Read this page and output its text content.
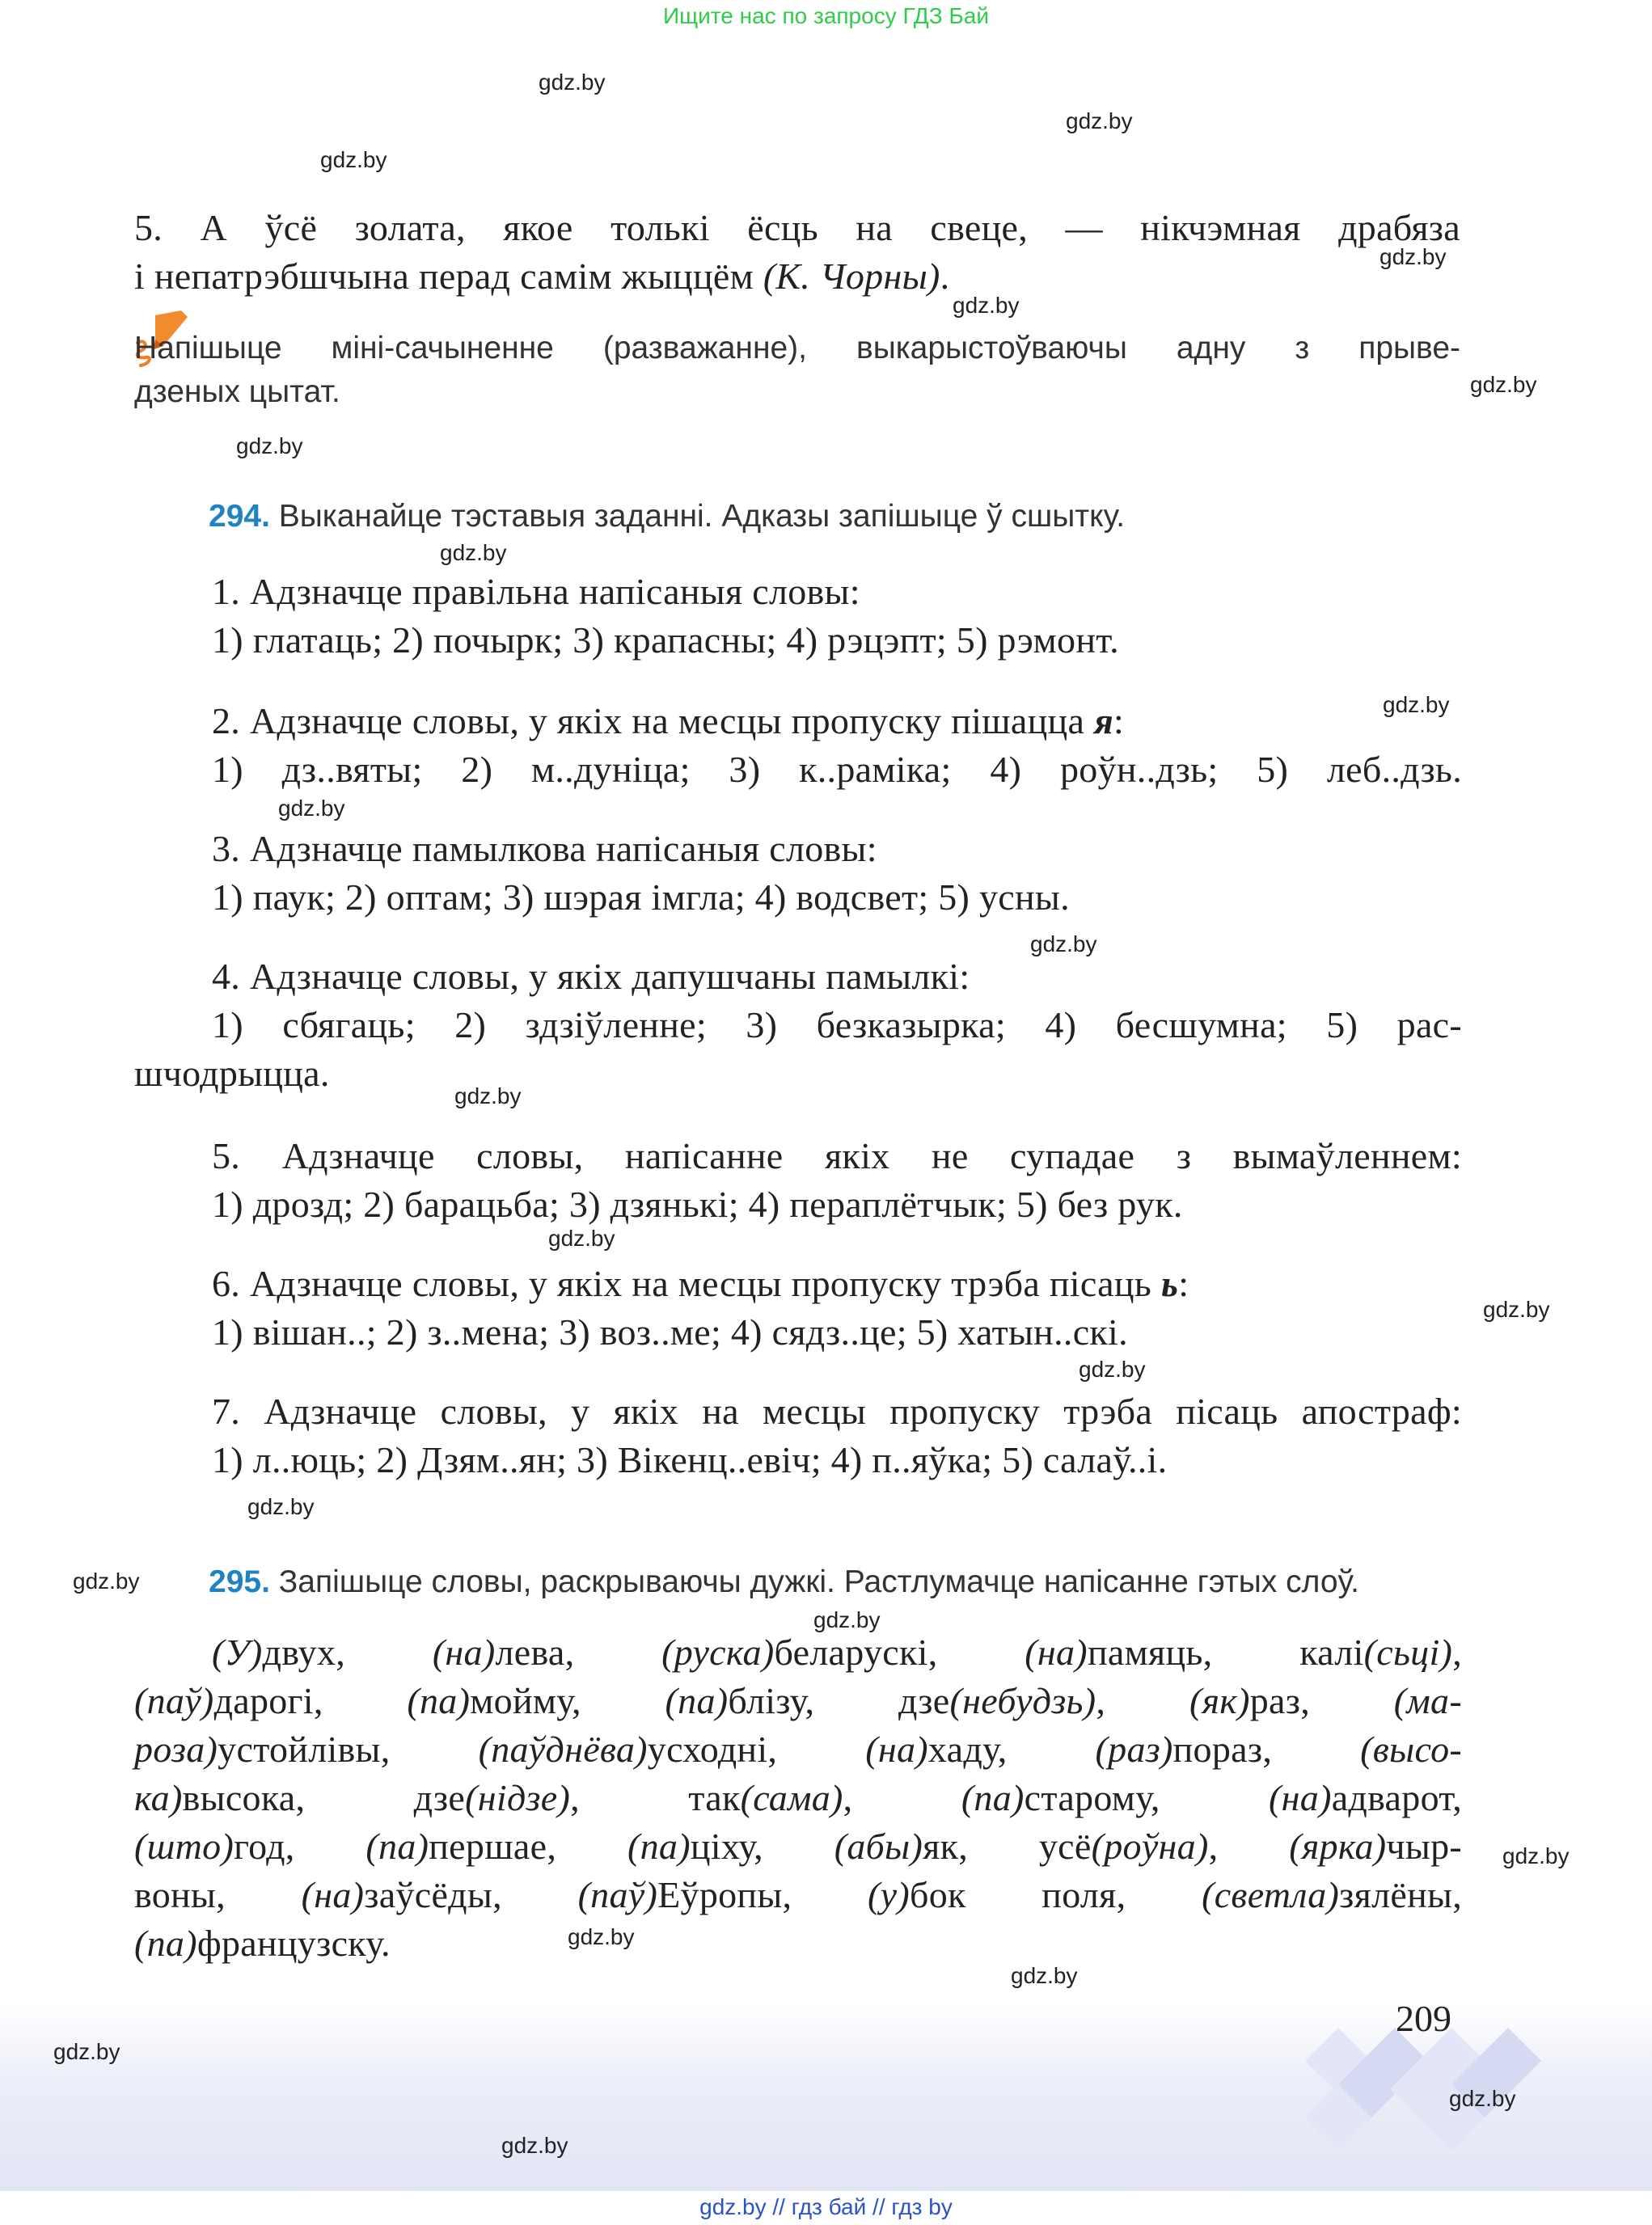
Ищите нас по запросу ГДЗ Бай
gdz.by
gdz.by
gdz.by
gdz.by
gdz.by
gdz.by
gdz.by
gdz.by
gdz.by
gdz.by
gdz.by
gdz.by
gdz.by
gdz.by
gdz.by
gdz.by
gdz.by
gdz.by
gdz.by
gdz.by
gdz.by
5. А ўсё золата, якое толькі ёсць на свеце, — нікчэмная драбяза
і непатрэбшчына перад самім жыццём (К. Чорны).
Напішыце міні-сачыненне (разважанне), выкарыстоўваючы адну з прыве-
дзеных цытат.
294. Выканайце тэставыя заданні. Адказы запішыце ў сшытку.
1. Адзначце правільна напісаныя словы:
1) глатаць; 2) почырк; 3) крапасны; 4) рэцэпт; 5) рэмонт.
2. Адзначце словы, у якіх на месцы пропуску пішацца я:
1) дз..вяты; 2) м..дуніца; 3) к..раміка; 4) роўн..дзь; 5) леб..дзь.
3. Адзначце памылкова напісаныя словы:
1) паук; 2) оптам; 3) шэрая імгла; 4) водсвет; 5) усны.
4. Адзначце словы, у якіх дапушчаны памылкі:
1) сбягаць; 2) здзіўленне; 3) безказырка; 4) бесшумна; 5) рас-
шчодрыцца.
5. Адзначце словы, напісанне якіх не супадае з вымаўленнем:
1) дрозд; 2) барацьба; 3) дзянькі; 4) пераплётчык; 5) без рук.
6. Адзначце словы, у якіх на месцы пропуску трэба пісаць ь:
1) вішан..; 2) з..мена; 3) воз..ме; 4) сядз..це; 5) хатын..скі.
7. Адзначце словы, у якіх на месцы пропуску трэба пісаць апостраф:
1) л..юць; 2) Дзям..ян; 3) Вікенц..евіч; 4) п..яўка; 5) салаў..і.
295. Запішыце словы, раскрываючы дужкі. Растлумачце напісанне гэтых слоў.
(У)двух, (на)лева, (руска)беларускі, (на)памяць, калі(сьці),
(паў)дарогі, (па)мойму, (па)блізу, дзе(небудзь), (як)раз, (ма-
роза)устойлівы, (паўднёва)усходні, (на)хаду, (раз)пораз, (высо-
ка)высока, дзе(нідзе), так(сама), (па)старому, (на)адварот,
(што)год, (па)першае, (па)ціху, (абы)як, усё(роўна), (ярка)чыр-
воны, (на)заўсёды, (паў)Еўропы, (у)бок поля, (светла)зялёны,
(па)французску.
209
gdz.by
gdz.by
gdz.by
gdz.by // гдз бай // гдз by
